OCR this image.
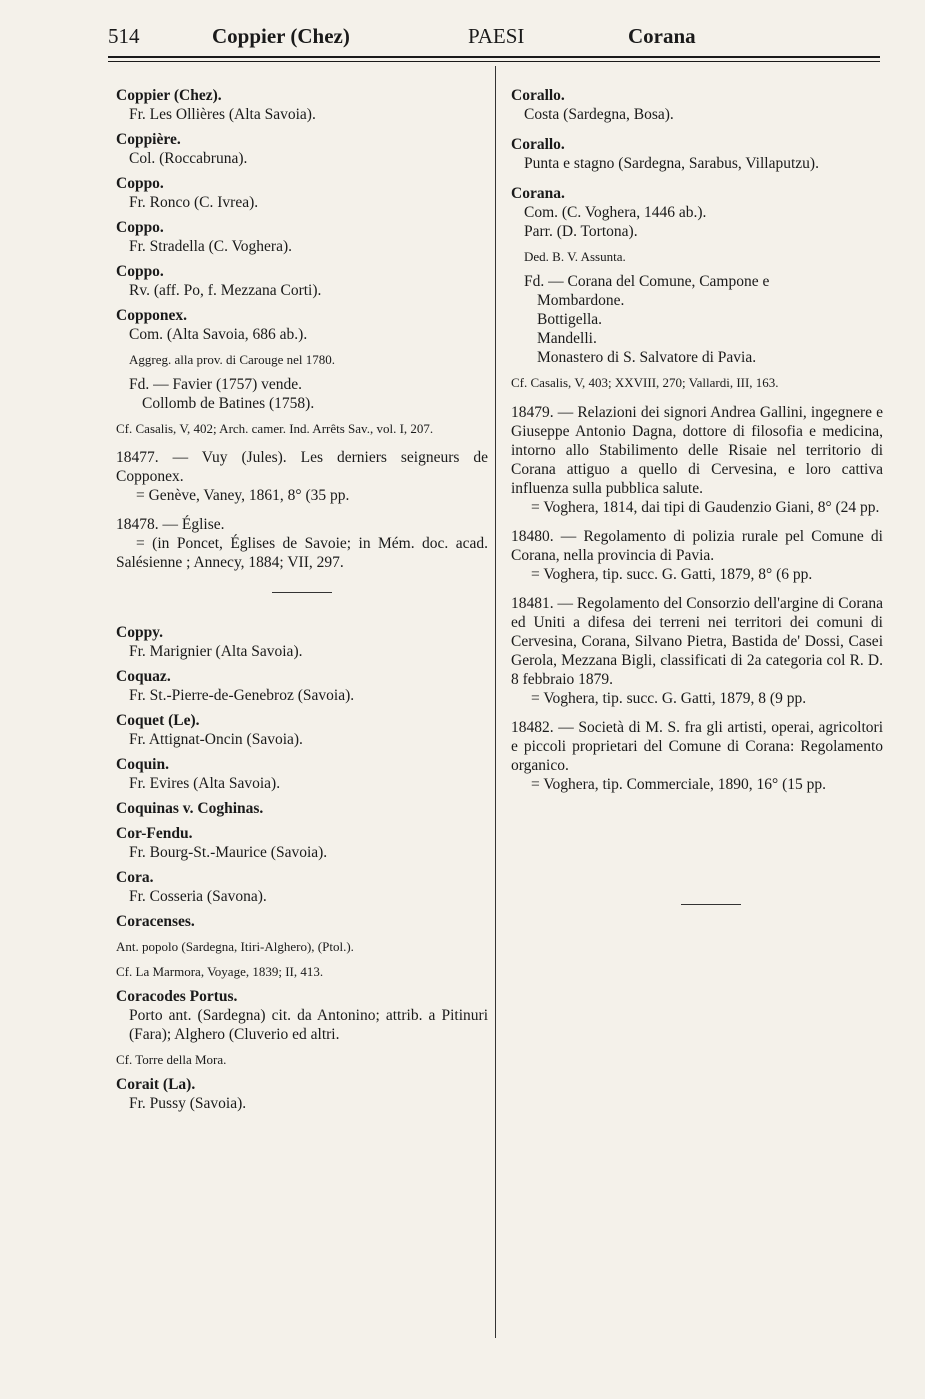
514	Coppier (Chez)	PAESI	Corana
Coppier (Chez).
Fr. Les Ollières (Alta Savoia).
Coppière.
Col. (Roccabruna).
Coppo.
Fr. Ronco (C. Ivrea).
Coppo.
Fr. Stradella (C. Voghera).
Coppo.
Rv. (aff. Po, f. Mezzana Corti).
Copponex.
Com. (Alta Savoia, 686 ab.).
Aggreg. alla prov. di Carouge nel 1780.
Fd. — Favier (1757) vende.
Collomb de Batines (1758).
Cf. Casalis, V, 402; Arch. camer. Ind. Arrêts Sav., vol. I, 207.
18477. — Vuy (Jules). Les derniers seigneurs de Copponex.
= Genève, Vaney, 1861, 8° (35 pp.
18478. — Église.
= (in Poncet, Églises de Savoie; in Mém. doc. acad. Salésienne ; Annecy, 1884; VII, 297.
Coppy.
Fr. Marignier (Alta Savoia).
Coquaz.
Fr. St.-Pierre-de-Genebroz (Savoia).
Coquet (Le).
Fr. Attignat-Oncin (Savoia).
Coquin.
Fr. Evires (Alta Savoia).
Coquinas v. Coghinas.
Cor-Fendu.
Fr. Bourg-St.-Maurice (Savoia).
Cora.
Fr. Cosseria (Savona).
Coracenses.
Ant. popolo (Sardegna, Itiri-Alghero), (Ptol.).
Cf. La Marmora, Voyage, 1839; II, 413.
Coracodes Portus.
Porto ant. (Sardegna) cit. da Antonino; attrib. a Pitinuri (Fara); Alghero (Cluverio ed altri.
Cf. Torre della Mora.
Corait (La).
Fr. Pussy (Savoia).
Corallo.
Costa (Sardegna, Bosa).
Corallo.
Punta e stagno (Sardegna, Sarabus, Villaputzu).
Corana.
Com. (C. Voghera, 1446 ab.).
Parr. (D. Tortona).
Ded. B. V. Assunta.
Fd. — Corana del Comune, Campone e
Mombardone.
Bottigella.
Mandelli.
Monastero di S. Salvatore di Pavia.
Cf. Casalis, V, 403; XXVIII, 270; Vallardi, III, 163.
18479. — Relazioni dei signori Andrea Gallini, ingegnere e Giuseppe Antonio Dagna, dottore di filosofia e medicina, intorno allo Stabilimento delle Risaie nel territorio di Corana attiguo a quello di Cervesina, e loro cattiva influenza sulla pubblica salute.
= Voghera, 1814, dai tipi di Gaudenzio Giani, 8° (24 pp.
18480. — Regolamento di polizia rurale pel Comune di Corana, nella provincia di Pavia.
= Voghera, tip. succ. G. Gatti, 1879, 8° (6 pp.
18481. — Regolamento del Consorzio dell'argine di Corana ed Uniti a difesa dei terreni nei territori dei comuni di Cervesina, Corana, Silvano Pietra, Bastida de' Dossi, Casei Gerola, Mezzana Bigli, classificati di 2a categoria col R. D. 8 febbraio 1879.
= Voghera, tip. succ. G. Gatti, 1879, 8 (9 pp.
18482. — Società di M. S. fra gli artisti, operai, agricoltori e piccoli proprietari del Comune di Corana: Regolamento organico.
= Voghera, tip. Commerciale, 1890, 16° (15 pp.
